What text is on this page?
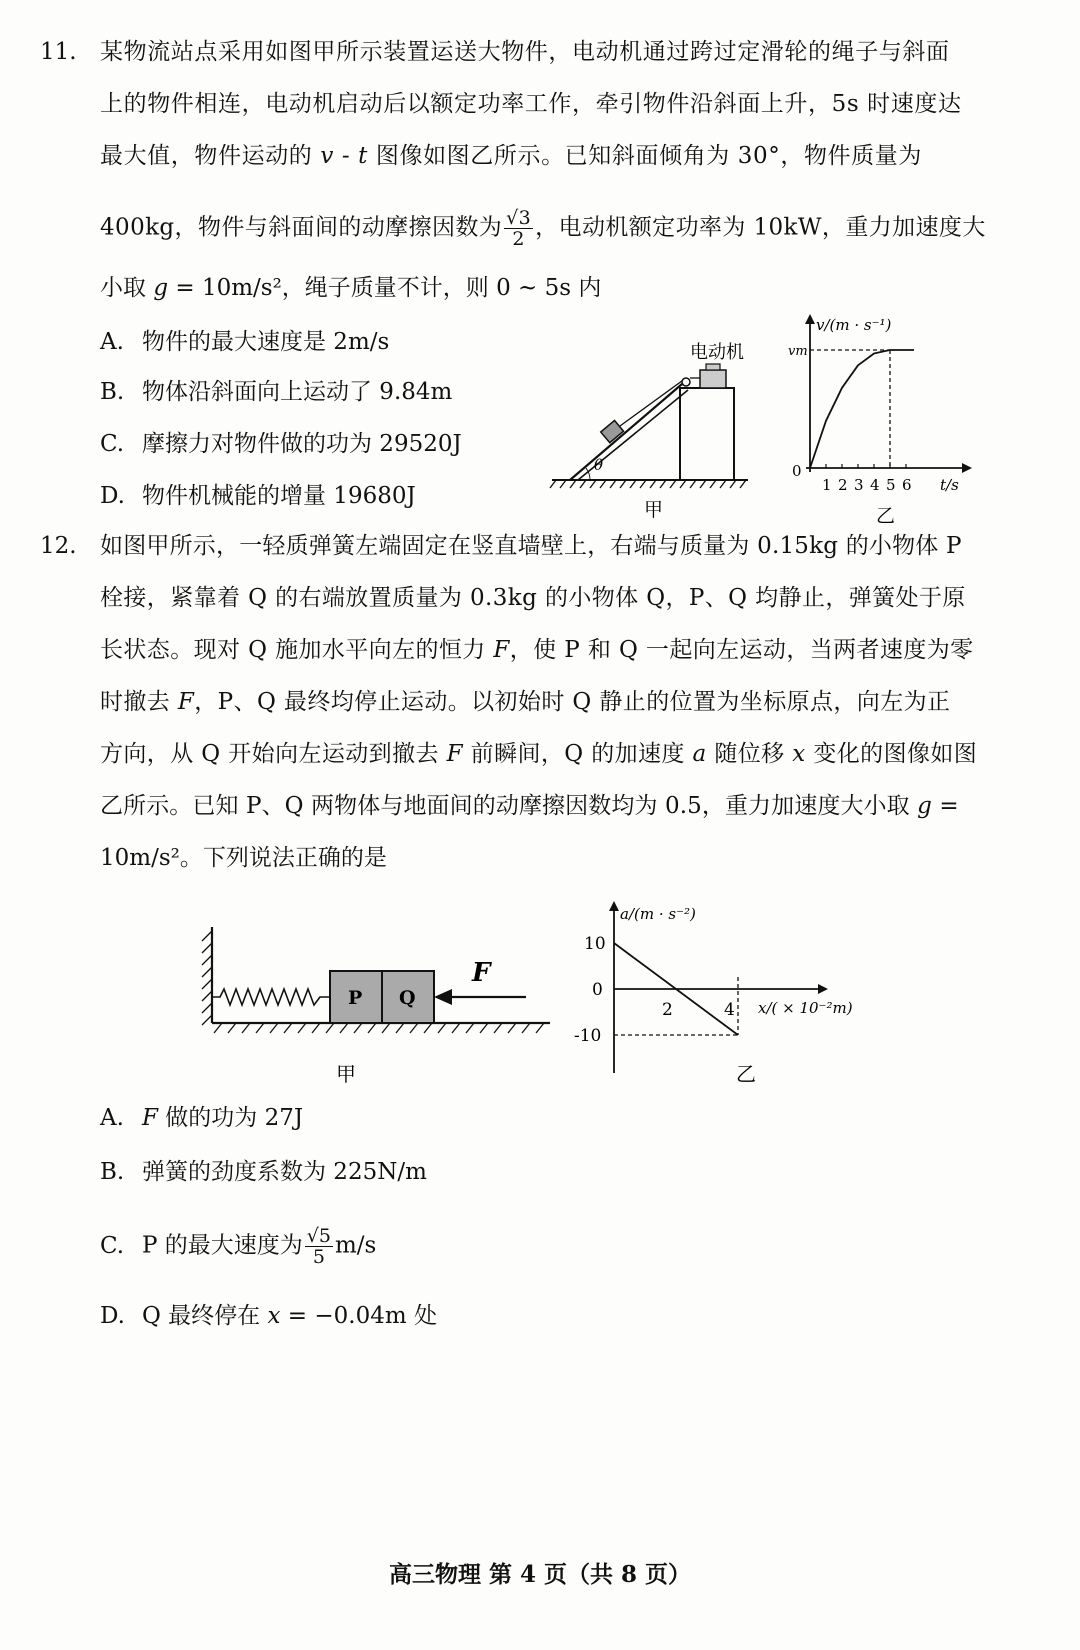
11. 某物流站点采用如图甲所示装置运送大物件，电动机通过跨过定滑轮的绳子与斜面
上的物件相连，电动机启动后以额定功率工作，牵引物件沿斜面上升，5s 时速度达
最大值，物件运动的 v - t 图像如图乙所示。已知斜面倾角为 30°，物件质量为
400kg，物件与斜面间的动摩擦因数为 $\frac{√3}{2}$ ，电动机额定功率为 10kW，重力加速度大
小取 g = 10m/s²，绳子质量不计，则 0 ~ 5s 内
A. 物件的最大速度是 2m/s
B. 物体沿斜面向上运动了 9.84m
C. 摩擦力对物件做的功为 29520J
D. 物件机械能的增量 19680J
电动机
θ
甲
v/(m · s⁻¹)
vm
0
t/s
1 2 3 4 5 6
乙
12. 如图甲所示，一轻质弹簧左端固定在竖直墙壁上，右端与质量为 0.15kg 的小物体 P
栓接，紧靠着 Q 的右端放置质量为 0.3kg 的小物体 Q，P、Q 均静止，弹簧处于原
长状态。现对 Q 施加水平向左的恒力 F，使 P 和 Q 一起向左运动，当两者速度为零
时撤去 F，P、Q 最终均停止运动。以初始时 Q 静止的位置为坐标原点，向左为正
方向，从 Q 开始向左运动到撤去 F 前瞬间，Q 的加速度 a 随位移 x 变化的图像如图
乙所示。已知 P、Q 两物体与地面间的动摩擦因数均为 0.5，重力加速度大小取 g =
10m/s²。下列说法正确的是
P Q
F
甲
a/(m · s⁻²)
x/( × 10⁻²m)
10
0
-10
2	4
乙
A. F 做的功为 27J
B. 弹簧的劲度系数为 225N/m
C. P 的最大速度为 $\frac{√5}{5} m/s$
D. Q 最终停在 x = −0.04m 处
高三物理 第 4 页（共 8 页）
